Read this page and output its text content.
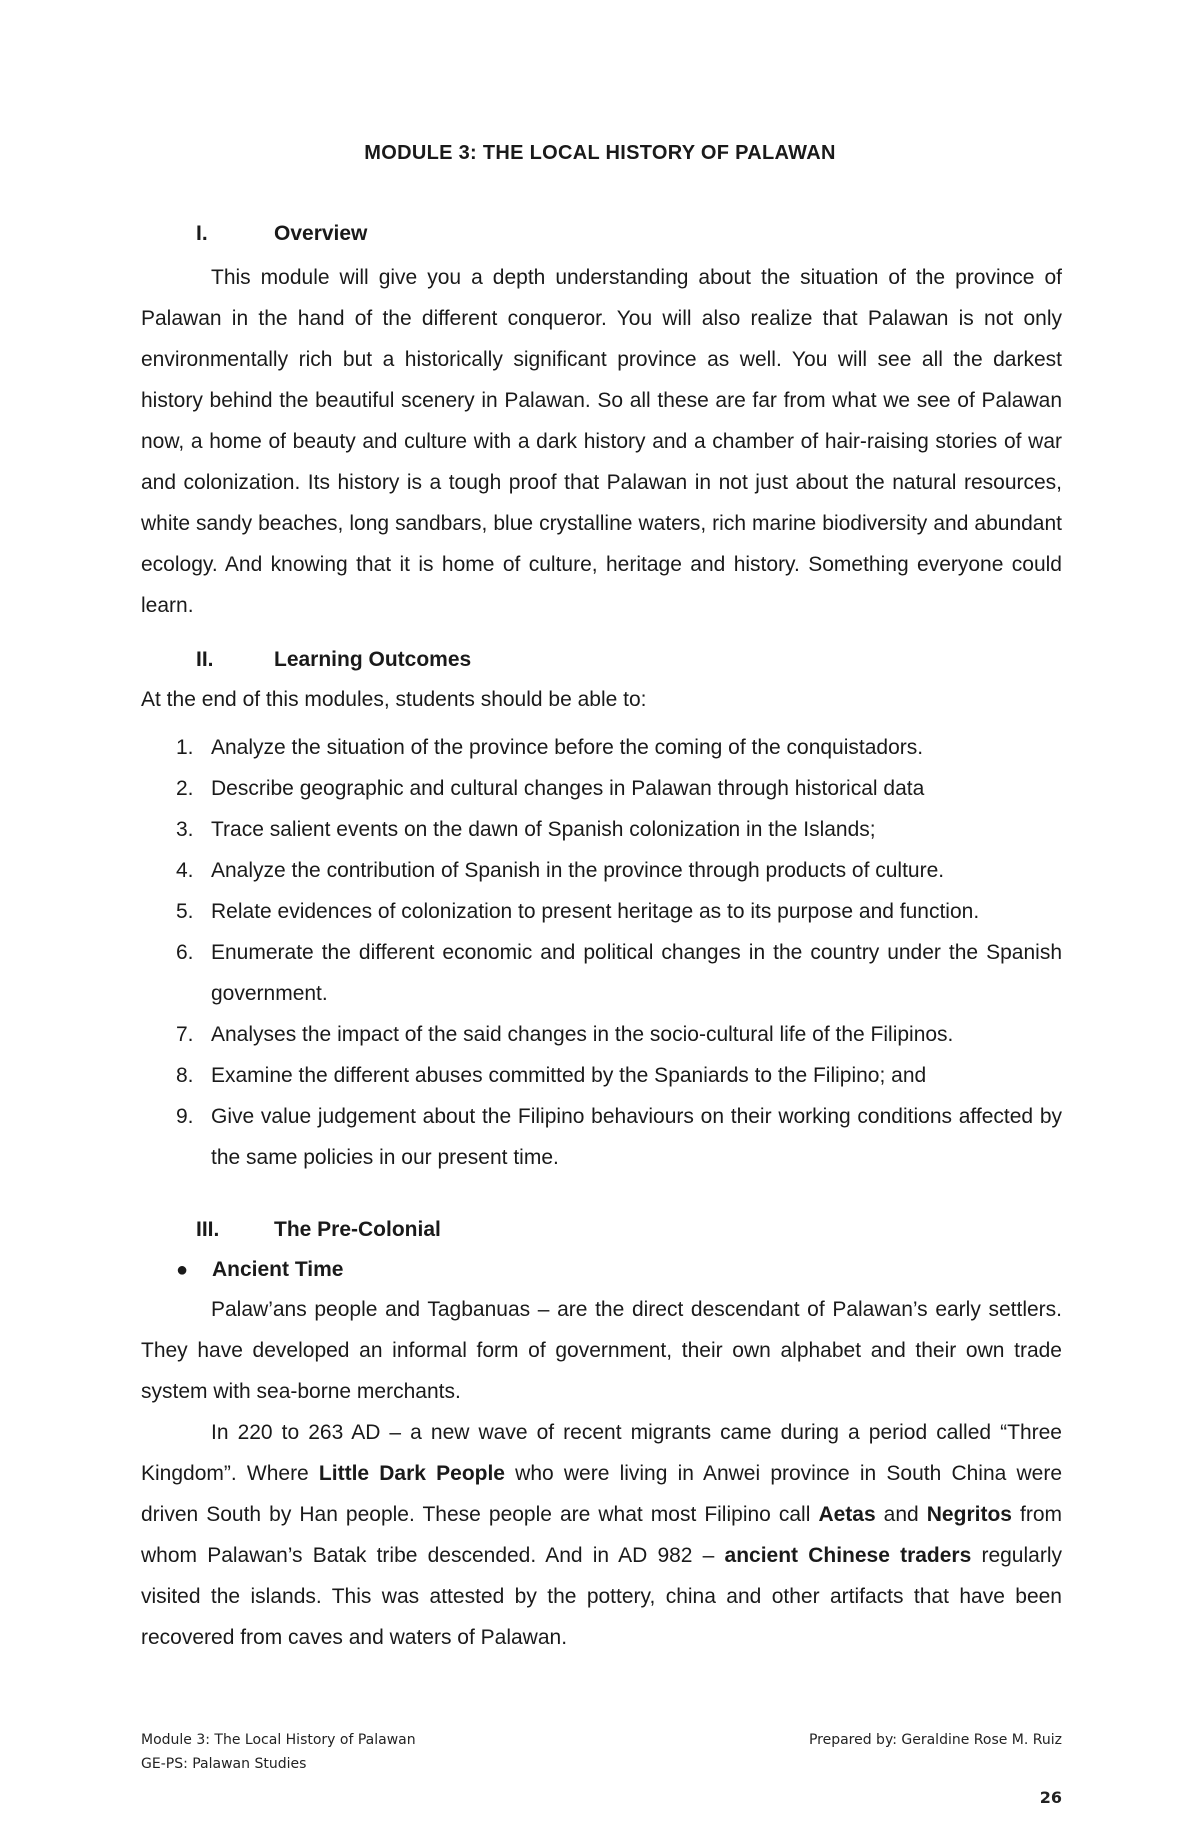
MODULE 3: THE LOCAL HISTORY OF PALAWAN
I.	Overview

This module will give you a depth understanding about the situation of the province of Palawan in the hand of the different conqueror. You will also realize that Palawan is not only environmentally rich but a historically significant province as well. You will see all the darkest history behind the beautiful scenery in Palawan. So all these are far from what we see of Palawan now, a home of beauty and culture with a dark history and a chamber of hair-raising stories of war and colonization. Its history is a tough proof that Palawan in not just about the natural resources, white sandy beaches, long sandbars, blue crystalline waters, rich marine biodiversity and abundant ecology. And knowing that it is home of culture, heritage and history. Something everyone could learn.

II.	Learning Outcomes

At the end of this modules, students should be able to:

1. Analyze the situation of the province before the coming of the conquistadors.
2. Describe geographic and cultural changes in Palawan through historical data
3. Trace salient events on the dawn of Spanish colonization in the Islands;
4. Analyze the contribution of Spanish in the province through products of culture.
5. Relate evidences of colonization to present heritage as to its purpose and function.
6. Enumerate the different economic and political changes in the country under the Spanish government.
7. Analyses the impact of the said changes in the socio-cultural life of the Filipinos.
8. Examine the different abuses committed by the Spaniards to the Filipino; and
9. Give value judgement about the Filipino behaviours on their working conditions affected by the same policies in our present time.
III.	The Pre-Colonial
● Ancient Time

Palaw’ans people and Tagbanuas – are the direct descendant of Palawan’s early settlers. They have developed an informal form of government, their own alphabet and their own trade system with sea-borne merchants.

In 220 to 263 AD – a new wave of recent migrants came during a period called “Three Kingdom”. Where Little Dark People who were living in Anwei province in South China were driven South by Han people. These people are what most Filipino call Aetas and Negritos from whom Palawan’s Batak tribe descended. And in AD 982 – ancient Chinese traders regularly visited the islands. This was attested by the pottery, china and other artifacts that have been recovered from caves and waters of Palawan.

Module 3: The Local History of Palawan
GE-PS: Palawan Studies
Prepared by: Geraldine Rose M. Ruiz
26
